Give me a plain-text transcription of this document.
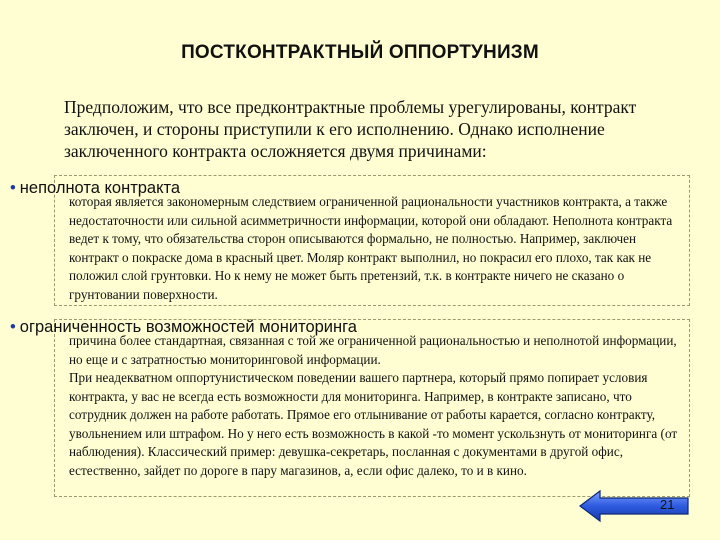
ПОСТКОНТРАКТНЫЙ ОППОРТУНИЗМ
Предположим, что все предконтрактные проблемы урегулированы, контракт заключен, и стороны приступили к его исполнению. Однако исполнение заключенного контракта осложняется двумя причинами:
• неполнота контракта
которая является закономерным следствием ограниченной рациональности участников контракта, а также недостаточности или сильной асимметричности информации, которой они обладают. Неполнота контракта ведет к тому, что обязательства сторон описываются формально, не полностью. Например, заключен контракт о покраске дома в красный цвет. Моляр контракт выполнил, но покрасил его плохо, так как не положил слой грунтовки. Но к нему не может быть претензий, т.к. в контракте ничего не сказано о грунтовании поверхности.
• ограниченность возможностей мониторинга
причина более стандартная, связанная с той же ограниченной рациональностью и неполнотой информации, но еще и с затратностью мониторинговой информации.
При неадекватном оппортунистическом поведении вашего партнера, который прямо попирает условия контракта, у вас не всегда есть возможности для мониторинга. Например, в контракте записано, что сотрудник должен на работе работать. Прямое его отлынивание от работы карается, согласно контракту, увольнением или штрафом. Но у него есть возможность в какой -то момент ускользнуть от мониторинга (от наблюдения). Классический пример: девушка-секретарь, посланная с документами в другой офис, естественно, зайдет по дороге в пару магазинов, а, если офис далеко, то и в кино.
21
